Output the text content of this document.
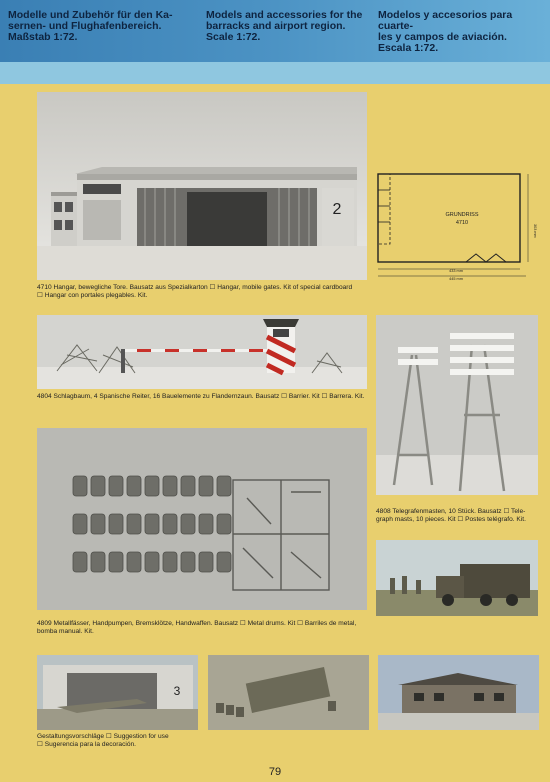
Modelle und Zubehör für den Ka-
sernen- und Flughafenbereich.
Maßstab 1:72.
Models and accessories for the
barracks and airport region.
Scale 1:72.
Modelos y accesorios para cuarte-
les y campos de aviación.
Escala 1:72.
2
4710 Hangar, bewegliche Tore. Bausatz aus Spezialkarton ☐ Hangar, mobile gates. Kit of special cardboard
☐ Hangar con portales plegables. Kit.
GRUNDRISS
4710
433 mm
445 mm
303 mm
4804 Schlagbaum, 4 Spanische Reiter, 16 Bauelemente zu Flandernzaun. Bausatz ☐ Barrier. Kit ☐ Barrera. Kit.
4808 Telegrafenmasten, 10 Stück. Bausatz ☐ Tele-
graph masts, 10 pieces. Kit ☐ Postes telégrafo. Kit.
4809 Metallfässer, Handpumpen, Bremsklötze, Handwaffen. Bausatz ☐ Metal drums. Kit ☐ Barriles de metal,
bomba manual. Kit.
3
Gestaltungsvorschläge ☐ Suggestion for use
☐ Sugerencia para la decoración.
79
